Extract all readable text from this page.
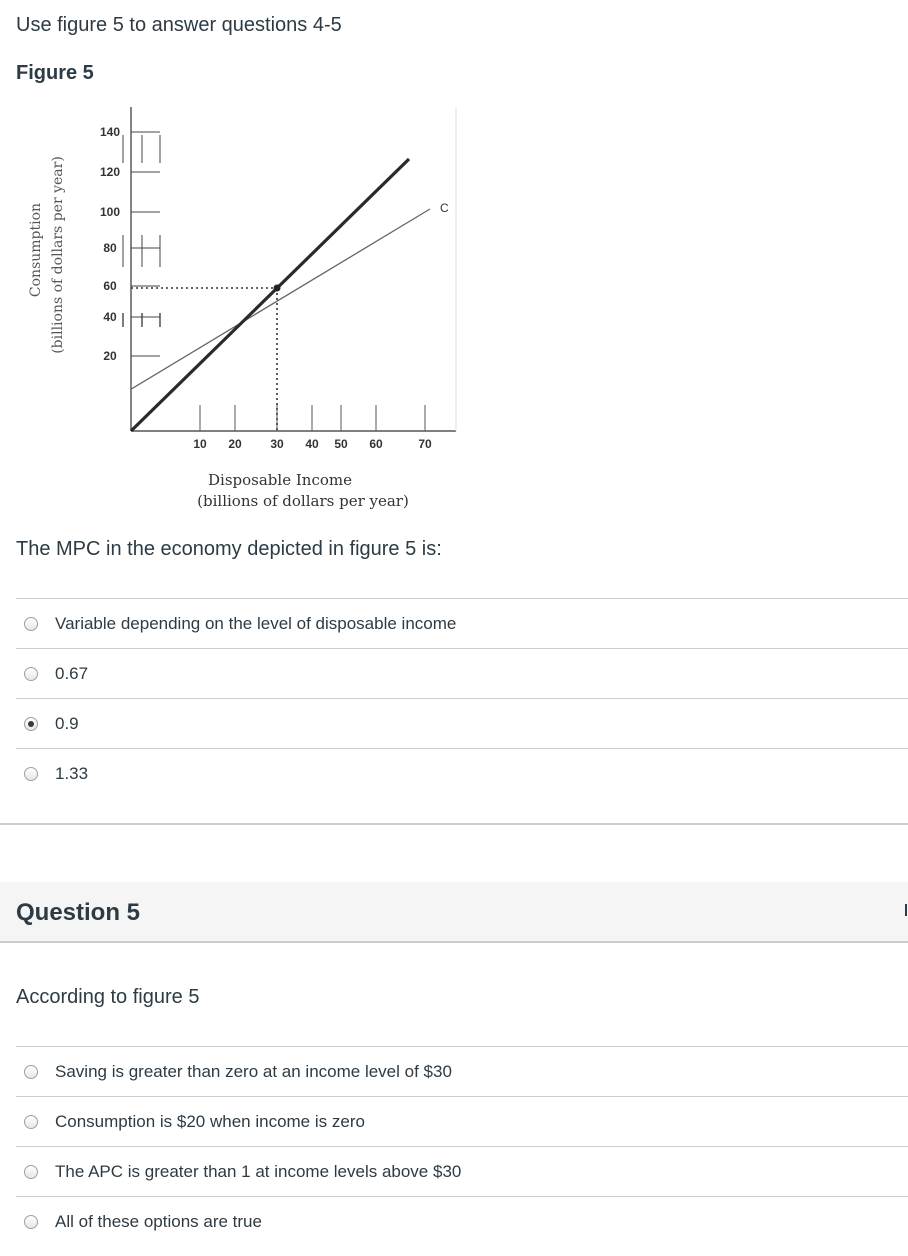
Use figure 5 to answer questions 4-5
Figure 5
140
120
100
80
60
40
20
10 20 30 40 50 60	70
C
Disposable Income
(billions of dollars per year)
Consumption (billions of dollars per year)
The MPC in the economy depicted in figure 5 is:
Variable depending on the level of disposable income
0.67
0.9
1.33
Question 5
According to figure 5
Saving is greater than zero at an income level of $30
Consumption is $20 when income is zero
The APC is greater than 1 at income levels above $30
All of these options are true
